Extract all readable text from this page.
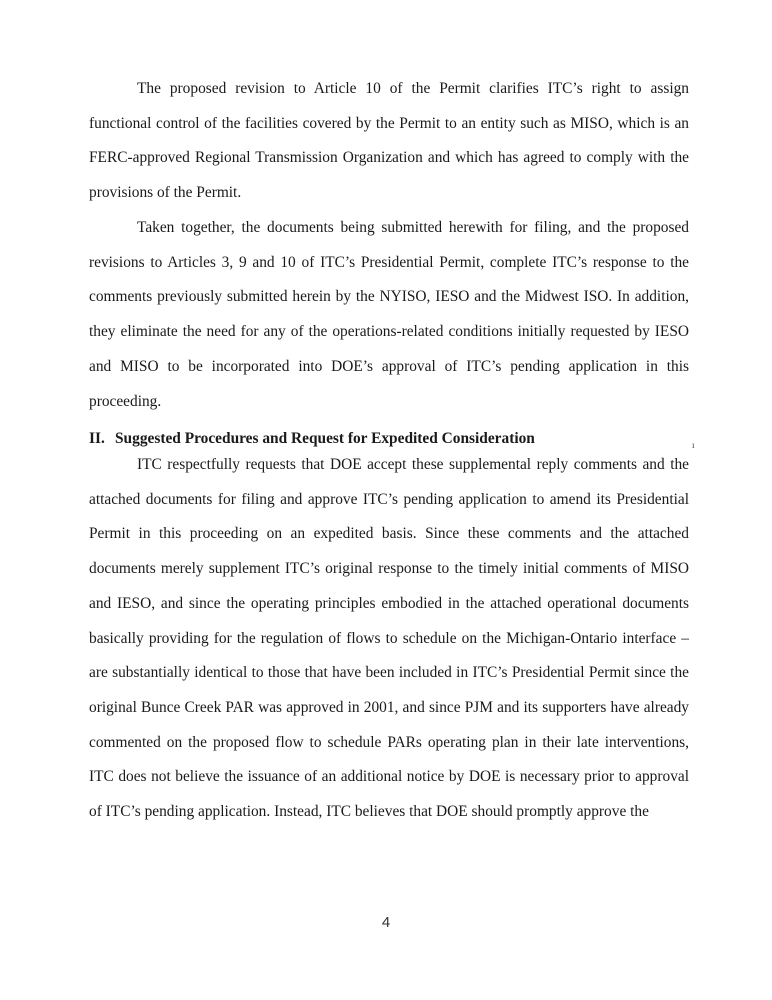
The proposed revision to Article 10 of the Permit clarifies ITC’s right to assign functional control of the facilities covered by the Permit to an entity such as MISO, which is an FERC-approved Regional Transmission Organization and which has agreed to comply with the provisions of the Permit.

Taken together, the documents being submitted herewith for filing, and the proposed revisions to Articles 3, 9 and 10 of ITC’s Presidential Permit, complete ITC’s response to the comments previously submitted herein by the NYISO, IESO and the Midwest ISO. In addition, they eliminate the need for any of the operations-related conditions initially requested by IESO and MISO to be incorporated into DOE’s approval of ITC’s pending application in this proceeding.

II. Suggested Procedures and Request for Expedited Consideration	ı

ITC respectfully requests that DOE accept these supplemental reply comments and the attached documents for filing and approve ITC’s pending application to amend its Presidential Permit in this proceeding on an expedited basis. Since these comments and the attached documents merely supplement ITC’s original response to the timely initial comments of MISO and IESO, and since the operating principles embodied in the attached operational documents basically providing for the regulation of flows to schedule on the Michigan-Ontario interface – are substantially identical to those that have been included in ITC’s Presidential Permit since the original Bunce Creek PAR was approved in 2001, and since PJM and its supporters have already commented on the proposed flow to schedule PARs operating plan in their late interventions, ITC does not believe the issuance of an additional notice by DOE is necessary prior to approval of ITC’s pending application. Instead, ITC believes that DOE should promptly approve the

4
